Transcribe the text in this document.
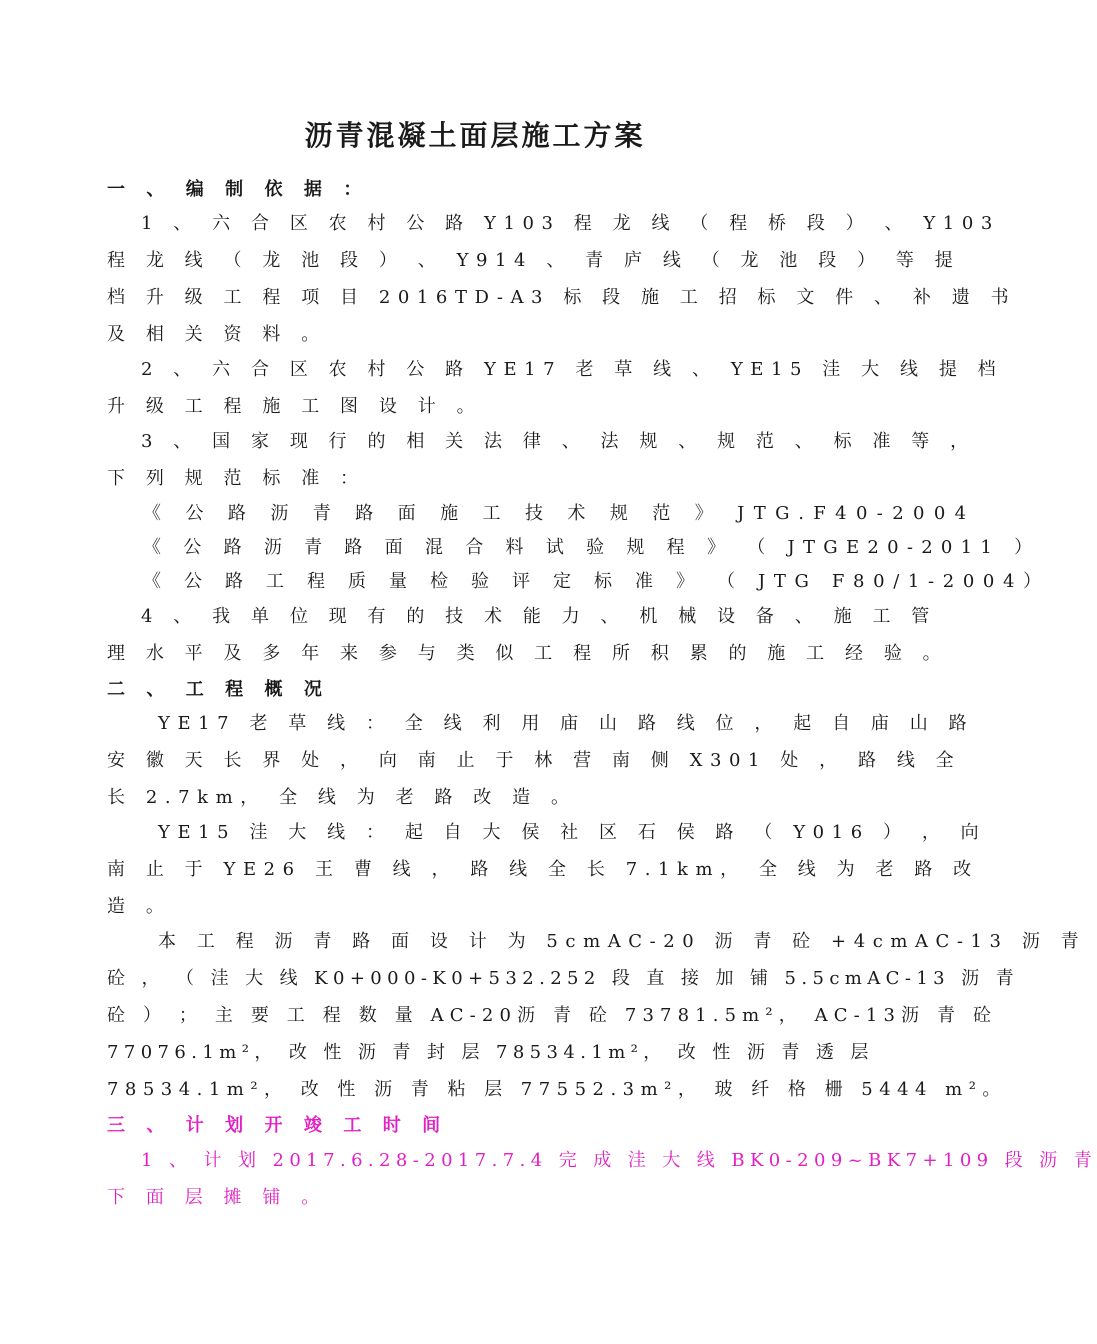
沥青混凝土面层施工方案
一 、 编 制 依 据 ：
1 、 六 合 区 农 村 公 路 Y103 程 龙 线 （ 程 桥 段 ） 、 Y103
程 龙 线 （ 龙 池 段 ） 、 Y914 、 青 庐 线 （ 龙 池 段 ） 等 提
档 升 级 工 程 项 目 2016TD-A3 标 段 施 工 招 标 文 件 、 补 遗 书
及 相 关 资 料 。
2 、 六 合 区 农 村 公 路 YE17 老 草 线 、 YE15 洼 大 线 提 档
升 级 工 程 施 工 图 设 计 。
3 、 国 家 现 行 的 相 关 法 律 、 法 规 、 规 范 、 标 准 等 ，
下 列 规 范 标 准 ：
《 公 路 沥 青 路 面 施 工 技 术 规 范 》 JTG.F40-2004
《 公 路 沥 青 路 面 混 合 料 试 验 规 程 》 （ JTGE20-2011 ）
《 公 路 工 程 质 量 检 验 评 定 标 准 》 （ JTG F80/1-2004）
4 、 我 单 位 现 有 的 技 术 能 力 、 机 械 设 备 、 施 工 管
理 水 平 及 多 年 来 参 与 类 似 工 程 所 积 累 的 施 工 经 验 。
二 、 工 程 概 况
YE17 老 草 线 ： 全 线 利 用 庙 山 路 线 位 ， 起 自 庙 山 路
安 徽 天 长 界 处 ， 向 南 止 于 林 营 南 侧 X301 处 ， 路 线 全
长 2.7km， 全 线 为 老 路 改 造 。
YE15 洼 大 线 ： 起 自 大 侯 社 区 石 侯 路 （ Y016 ） ， 向
南 止 于 YE26 王 曹 线 ， 路 线 全 长 7.1km， 全 线 为 老 路 改
造 。
本 工 程 沥 青 路 面 设 计 为 5cmAC-20 沥 青 砼 +4cmAC-13 沥 青
砼 ， （ 洼 大 线 K0+000-K0+532.252 段 直 接 加 铺 5.5cmAC-13 沥 青
砼 ） ； 主 要 工 程 数 量 AC-20沥 青 砼 73781.5m²， AC-13沥 青 砼
77076.1m²， 改 性 沥 青 封 层 78534.1m²， 改 性 沥 青 透 层
78534.1m²， 改 性 沥 青 粘 层 77552.3m²， 玻 纤 格 栅 5444 m²。
三 、 计 划 开 竣 工 时 间
1 、 计 划 2017.6.28-2017.7.4 完 成 洼 大 线 BK0-209~BK7+109 段 沥 青
下 面 层 摊 铺 。
